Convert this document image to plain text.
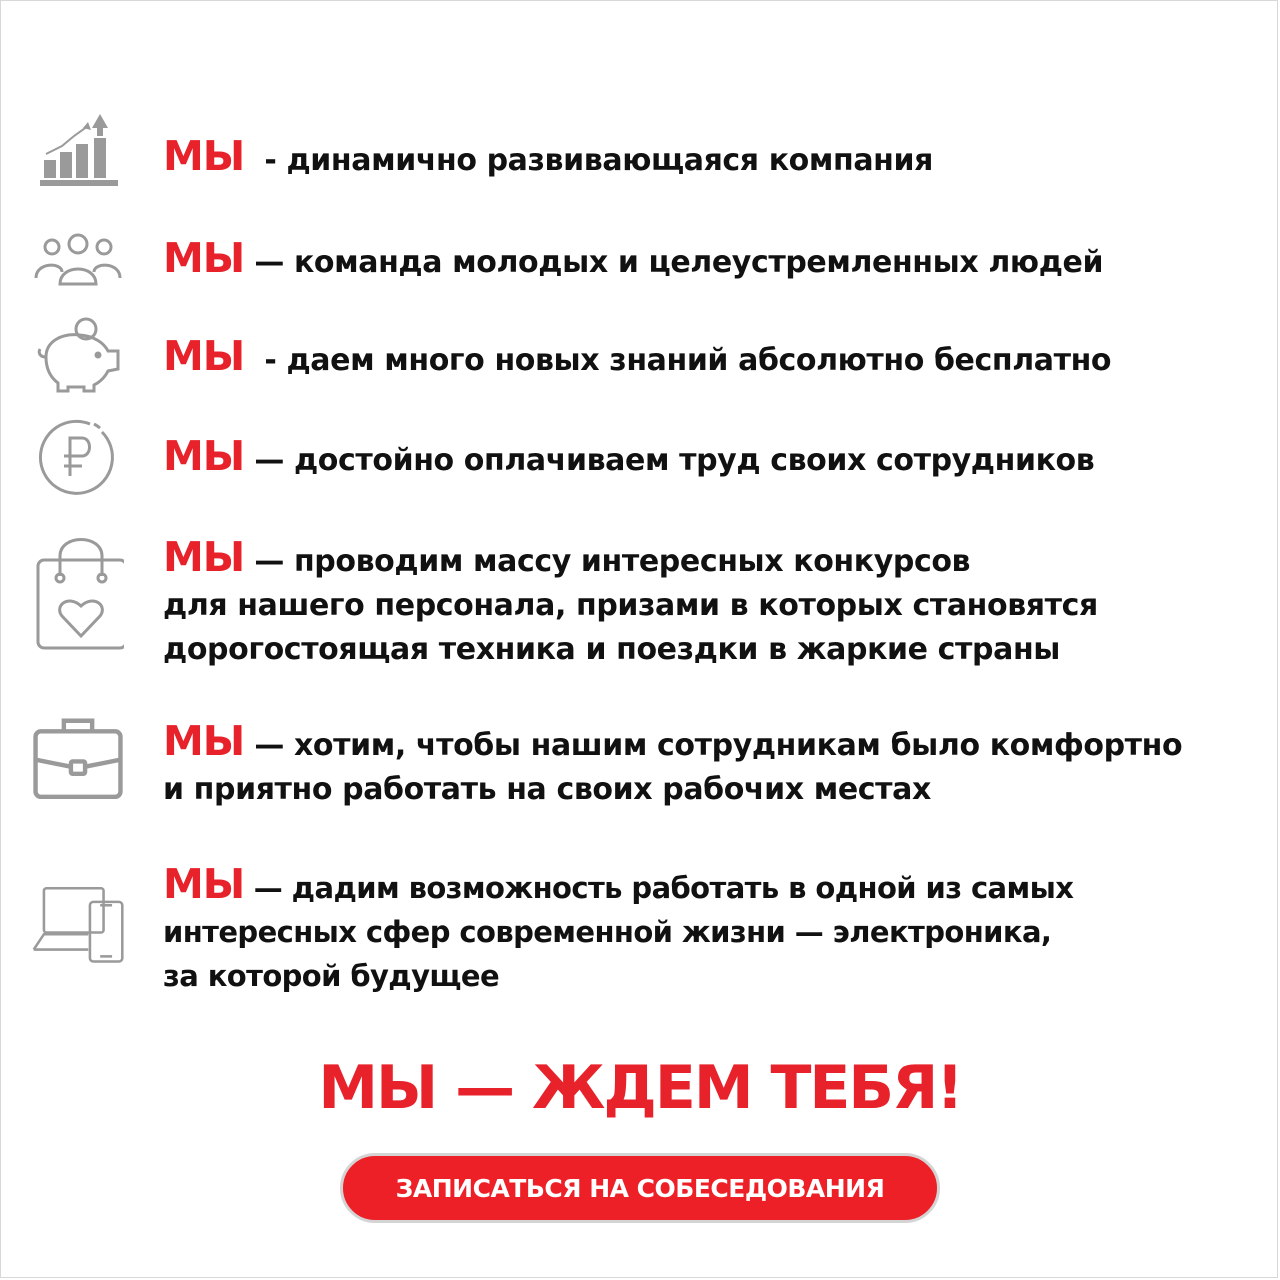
МЫ  - динамично развивающаяся компания
МЫ — команда молодых и целеустремленных людей
МЫ  - даем много новых знаний абсолютно бесплатно
МЫ — достойно оплачиваем труд своих сотрудников
МЫ — проводим массу интересных конкурсов
для нашего персонала, призами в которых становятся
дорогостоящая техника и поездки в жаркие страны
МЫ — хотим, чтобы нашим сотрудникам было комфортно
и приятно работать на своих рабочих местах
МЫ — дадим возможность работать в одной из самых
интересных сфер современной жизни — электроника,
за которой будущее
МЫ — ЖДЕМ ТЕБЯ!
ЗАПИСАТЬСЯ НА СОБЕСЕДОВАНИЯ
